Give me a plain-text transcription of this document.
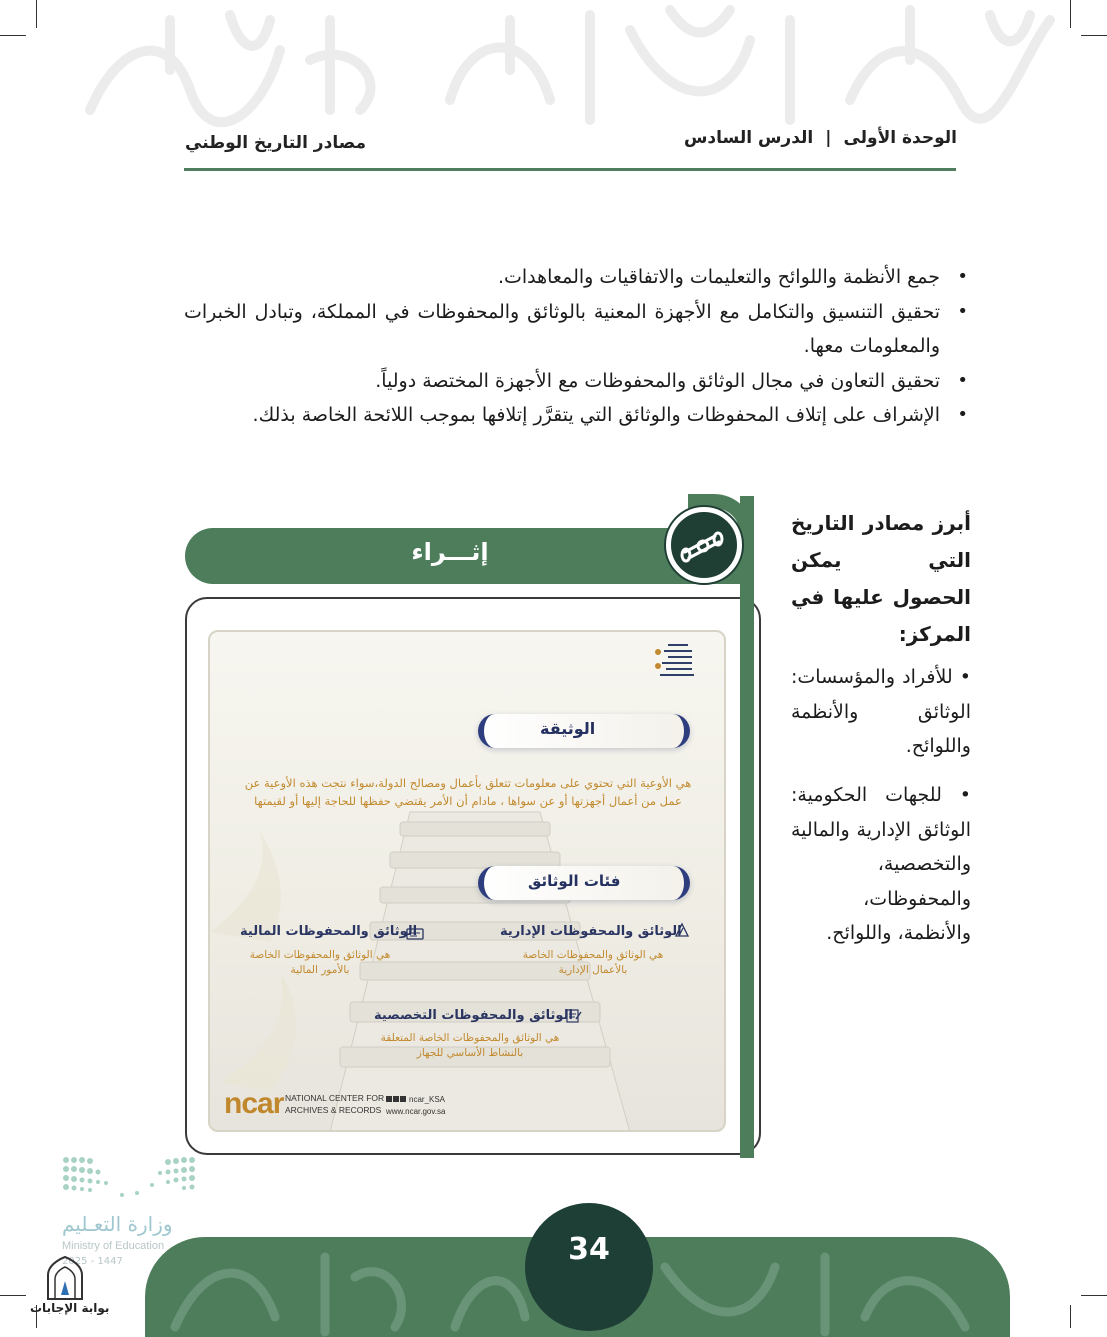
الوحدة الأولى|الدرس السادس
مصادر التاريخ الوطني
• جمع الأنظمة واللوائح والتعليمات والاتفاقيات والمعاهدات.
• تحقيق التنسيق والتكامل مع الأجهزة المعنية بالوثائق والمحفوظات في المملكة، وتبادل الخبرات والمعلومات معها.
• تحقيق التعاون في مجال الوثائق والمحفوظات مع الأجهزة المختصة دولياً.
• الإشراف على إتلاف المحفوظات والوثائق التي يتقرَّر إتلافها بموجب اللائحة الخاصة بذلك.
أبرز مصادر التاريخ التي يمكن الحصول عليها في المركز:
• للأفراد والمؤسسات: الوثائق والأنظمة واللوائح.
• للجهات الحكومية: الوثائق الإدارية والمالية والتخصصية، والمحفوظات، والأنظمة، واللوائح.
إثـــراء
الوثيقة
هي الأوعية التي تحتوي على معلومات تتعلق بأعمال ومصالح الدولة،سواء نتجت هذه الأوعية عن عمل من أعمال أجهزتها أو عن سواها ، مادام أن الأمر يقتضي حفظها للحاجة إليها أو لقيمتها
فئات الوثائق
الوثائق والمحفوظات الإدارية
هي الوثائق والمحفوظات الخاصة بالأعمال الإدارية
الوثائق والمحفوظات المالية
هي الوثائق والمحفوظات الخاصة بالأمور المالية
الوثائق والمحفوظات التخصصية
هي الوثائق والمحفوظات الخاصة المتعلقة بالنشاط الأساسي للجهاز
ncar NATIONAL CENTER FOR
ARCHIVES & RECORDS
ncar_KSA
www.ncar.gov.sa
وزارة التعـليم
Ministry of Education
2025 - 1447	34
بوابة الإجابات
